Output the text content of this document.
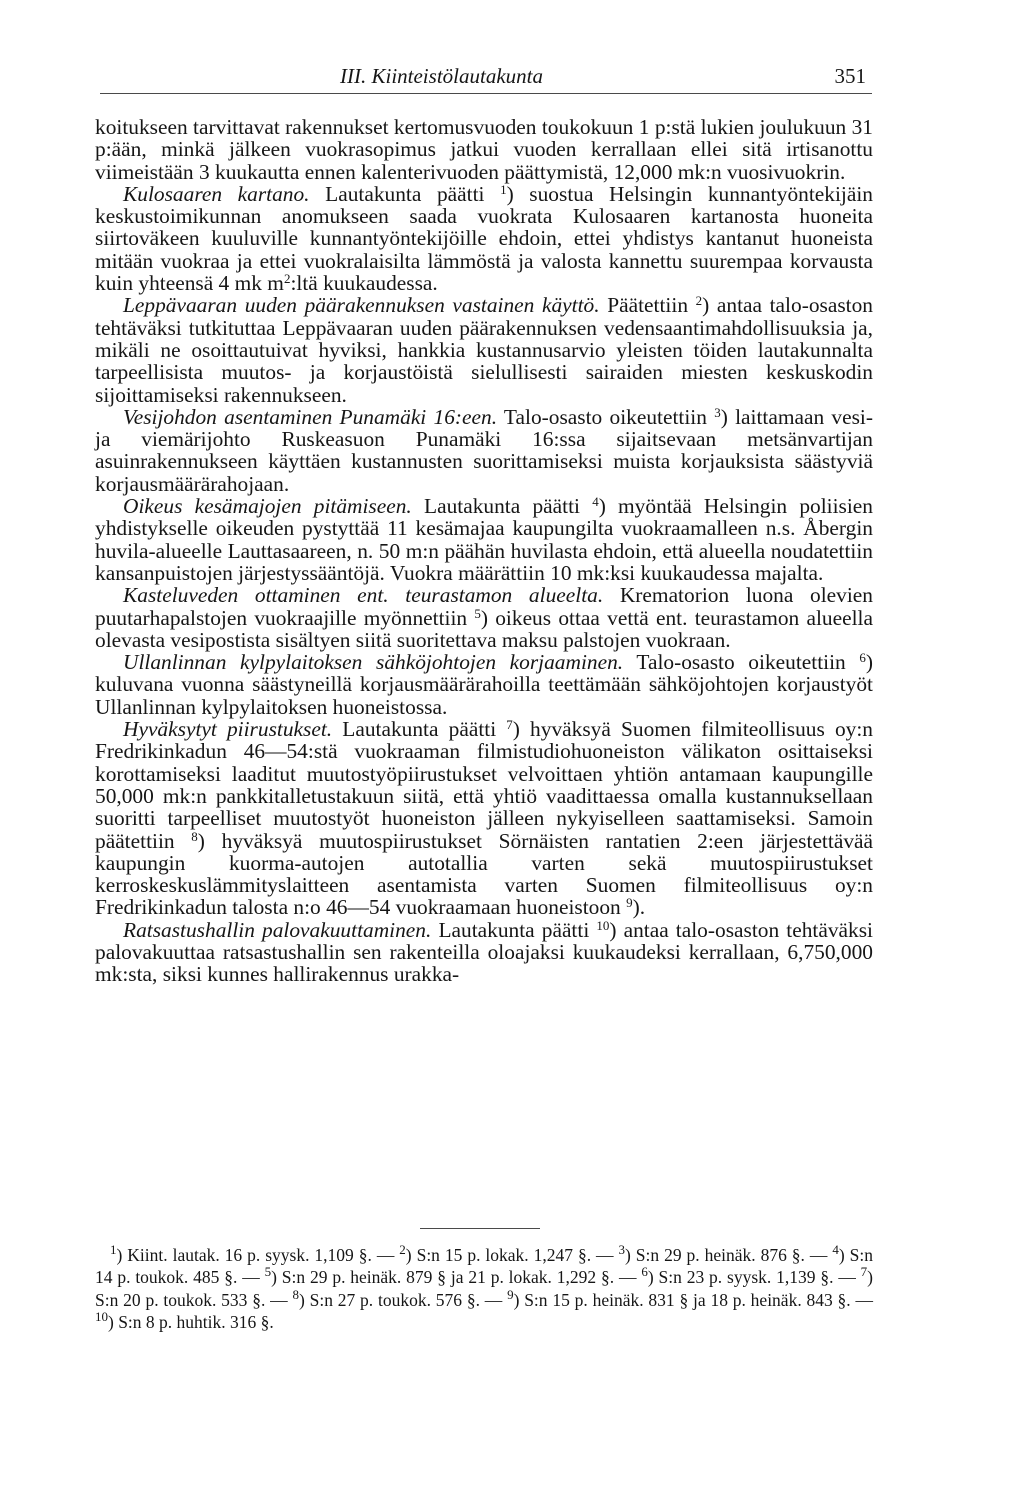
III. Kiinteistölautakunta	351

koitukseen tarvittavat rakennukset kertomusvuoden toukokuun 1 p:stä lukien joulukuun 31 p:ään, minkä jälkeen vuokrasopimus jatkui vuoden kerrallaan ellei sitä irtisanottu viimeistään 3 kuukautta ennen kalenterivuoden päättymistä, 12,000 mk:n vuosivuokrin.

Kulosaaren kartano. Lautakunta päätti $^1$) suostua Helsingin kunnantyöntekijäin keskustoimikunnan anomukseen saada vuokrata Kulosaaren kartanosta huoneita siirtoväkeen kuuluville kunnantyöntekijöille ehdoin, ettei yhdistys kantanut huoneista mitään vuokraa ja ettei vuokralaisilta lämmöstä ja valosta kannettu suurempaa korvausta kuin yhteensä 4 mk $m^2:ltä$ kuukaudessa.

Leppävaaran uuden päärakennuksen vastainen käyttö. Päätettiin $^2$) antaa talo-osaston tehtäväksi tutkituttaa Leppävaaran uuden päärakennuksen vedensaantimahdollisuuksia ja, mikäli ne osoittautuivat hyviksi, hankkia kustannusarvio yleisten töiden lautakunnalta tarpeellisista muutos- ja korjaustöistä sielullisesti sairaiden miesten keskuskodin sijoittamiseksi rakennukseen.

Vesijohdon asentaminen Punamäki 16:een. Talo-osasto oikeutettiin $^3$) laittamaan vesi- ja viemärijohto Ruskeasuon Punamäki 16:ssa sijaitsevaan metsänvartijan asuinrakennukseen käyttäen kustannusten suorittamiseksi muista korjauksista säästyviä korjausmäärärahojaan.

Oikeus kesämajojen pitämiseen. Lautakunta päätti $^4$) myöntää Helsingin poliisien yhdistykselle oikeuden pystyttää 11 kesämajaa kaupungilta vuokraamalleen n.s. Åbergin huvila-alueelle Lauttasaareen, n. 50 m:n päähän huvilasta ehdoin, että alueella noudatettiin kansanpuistojen järjestyssääntöjä. Vuokra määrättiin 10 mk:ksi kuukaudessa majalta.

Kasteluveden ottaminen ent. teurastamon alueelta. Krematorion luona olevien puutarhapalstojen vuokraajille myönnettiin $^5$) oikeus ottaa vettä ent. teurastamon alueella olevasta vesipostista sisältyen siitä suoritettava maksu palstojen vuokraan.

Ullanlinnan kylpylaitoksen sähköjohtojen korjaaminen. Talo-osasto oikeutettiin $^6$) kuluvana vuonna säästyneillä korjausmäärärahoilla teettämään sähköjohtojen korjaustyöt Ullanlinnan kylpylaitoksen huoneistossa.

Hyväksytyt piirustukset. Lautakunta päätti $^7$) hyväksyä Suomen filmiteollisuus oy:n Fredrikinkadun 46—54:stä vuokraaman filmistudiohuoneiston välikaton osittaiseksi korottamiseksi laaditut muutostyöpiirustukset velvoittaen yhtiön antamaan kaupungille 50,000 mk:n pankkitalletustakuun siitä, että yhtiö vaadittaessa omalla kustannuksellaan suoritti tarpeelliset muutostyöt huoneiston jälleen nykyiselleen saattamiseksi. Samoin päätettiin $^8$) hyväksyä muutospiirustukset Sörnäisten rantatien 2:een järjestettävää kaupungin kuorma-autojen autotallia varten sekä muutospiirustukset kerroskeskuslämmityslaitteen asentamista varten Suomen filmiteollisuus oy:n Fredrikinkadun talosta n:o 46—54 vuokraamaan huoneistoon $^9$).

Ratsastushallin palovakuuttaminen. Lautakunta päätti $^{10}$) antaa talo-osaston tehtäväksi palovakuuttaa ratsastushallin sen rakenteilla oloajaksi kuukaudeksi kerrallaan, 6,750,000 mk:sta, siksi kunnes hallirakennus urakka-

$^1$) Kiint. lautak. 16 p. syysk. 1,109 §. — $^2$) S:n 15 p. lokak. 1,247 §. — $^3$) S:n 29 p. heinäk. 876 §. — $^4$) S:n 14 p. toukok. 485 §. — $^5$) S:n 29 p. heinäk. 879 § ja 21 p. lokak. 1,292 §. — $^6$) S:n 23 p. syysk. 1,139 §. — $^7$) S:n 20 p. toukok. 533 §. — $^8$) S:n 27 p. toukok. 576 §. — $^9$) S:n 15 p. heinäk. 831 § ja 18 p. heinäk. 843 §. — $^{10}$) S:n 8 p. huhtik. 316 §.
